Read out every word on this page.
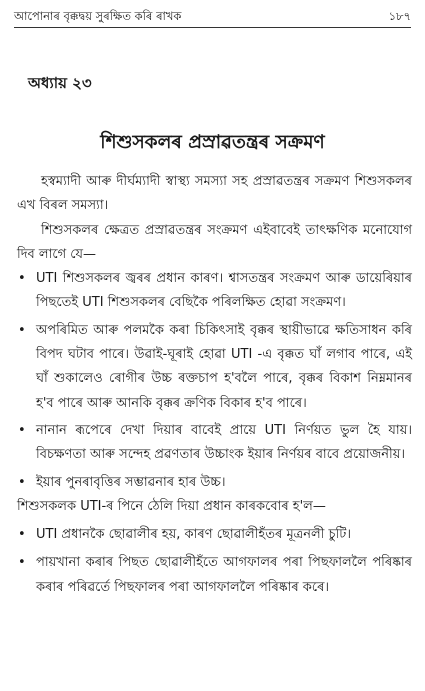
আপোনাৰ বৃক্কদ্বয় সুৰক্ষিত কৰি ৰাখক	১৮৭
অধ্যায় ২৩
শিশুসকলৰ প্ৰস্ৰাৱতন্ত্ৰৰ সক্ৰমণ

হস্বম্যাদী আৰু দীৰ্ঘম্যাদী স্বাস্থ্য সমস্যা সহ প্ৰস্ৰাৱতন্ত্ৰৰ সক্ৰমণ শিশুসকলৰ এখ বিৰল সমস্যা।

শিশুসকলৰ ক্ষেত্ৰত প্ৰস্ৰাৱতন্ত্ৰৰ সংক্ৰমণ এইবাবেই তাৎক্ষণিক মনোযোগ দিব লাগে যে—

• UTI শিশুসকলৰ জ্বৰৰ প্ৰধান কাৰণ। শ্বাসতন্ত্ৰৰ সংক্ৰমণ আৰু ডায়েৰিয়াৰ পিছতেই UTI শিশুসকলৰ বেছিকৈ পৰিলক্ষিত হোৱা সংক্ৰমণ।
• অপৰিমিত আৰু পলমকৈ কৰা চিকিৎসাই বৃক্কৰ স্থায়ীভাৱে ক্ষতিসাধন কৰি বিপদ ঘটাব পাৰে। উৱাই-ঘূৰাই হোৱা UTI -এ বৃক্কত ঘাঁ লগাব পাৰে, এই ঘাঁ শুকালেও ৰোগীৰ উচ্চ ৰক্তচাপ হ'বলৈ পাৰে, বৃক্কৰ বিকাশ নিম্নমানৰ হ'ব পাৰে আৰু আনকি বৃক্কৰ ক্ৰণিক বিকাৰ হ'ব পাৰে।
• নানান ৰূপেৰে দেখা দিয়াৰ বাবেই প্ৰায়ে UTI নিৰ্ণয়ত ভুল হৈ যায়। বিচক্ষণতা আৰু সন্দেহ প্ৰৱণতাৰ উচ্চাংক ইয়াৰ নিৰ্ণয়ৰ বাবে প্ৰয়োজনীয়।
• ইয়াৰ পুনৰাবৃত্তিৰ সম্ভাৱনাৰ হাৰ উচ্চ।

শিশুসকলক UTI-ৰ পিনে ঠেলি দিয়া প্ৰধান কাৰকবোৰ হ'ল—

• UTI প্ৰধানকৈ ছোৱালীৰ হয়, কাৰণ ছোৱালীহঁতৰ মূত্ৰনলী চুটি।
• পায়খানা কৰাৰ পিছত ছোৱালীহঁতে আগফালৰ পৰা পিছফাললৈ পৰিষ্কাৰ কৰাৰ পৰিৱৰ্তে পিছফালৰ পৰা আগফাললৈ পৰিষ্কাৰ কৰে।
